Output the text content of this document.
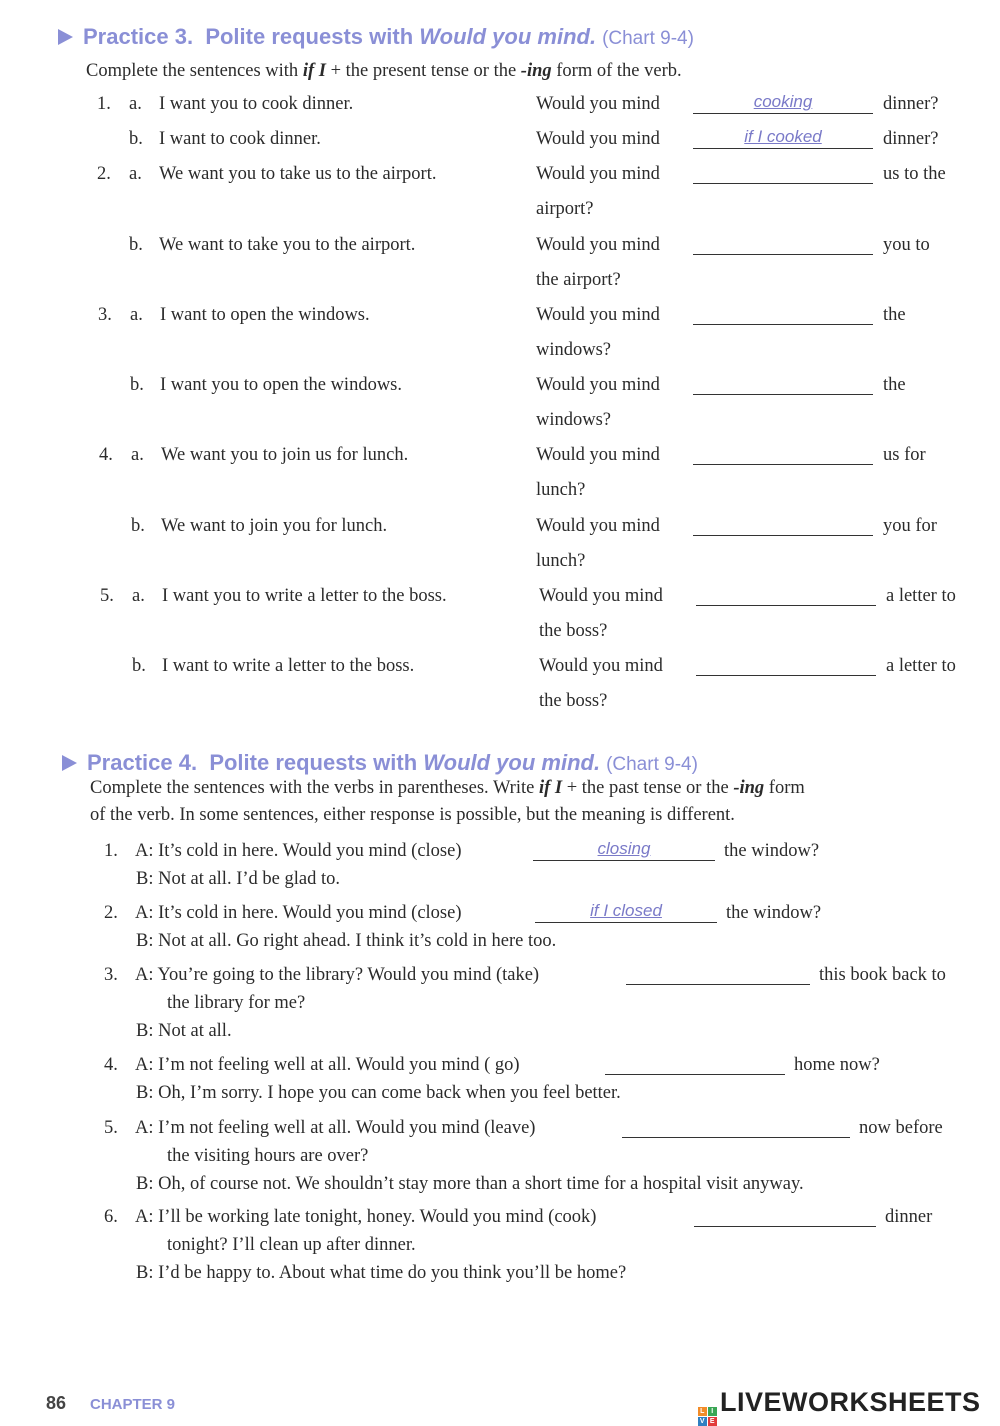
Practice 3. Polite requests with Would you mind. (Chart 9-4)
Complete the sentences with if I + the present tense or the -ing form of the verb.
1. a. I want you to cook dinner.	Would you mind	cooking	dinner?
b. I want to cook dinner.	Would you mind	if I cooked	dinner?
2. a. We want you to take us to the airport.	Would you mind	us to the
airport?
b. We want to take you to the airport.	Would you mind	you to
the airport?
3. a. I want to open the windows.	Would you mind	the
windows?
b. I want you to open the windows.	Would you mind	the
windows?
4. a. We want you to join us for lunch.	Would you mind	us for
lunch?
b. We want to join you for lunch.	Would you mind	you for
lunch?
5. a. I want you to write a letter to the boss.	Would you mind	a letter to
the boss?
b. I want to write a letter to the boss.	Would you mind	a letter to
the boss?
Practice 4. Polite requests with Would you mind. (Chart 9-4)
Complete the sentences with the verbs in parentheses. Write if I + the past tense or the -ing form
of the verb. In some sentences, either response is possible, but the meaning is different.
1. A: It’s cold in here. Would you mind (close)	closing	the window?
B: Not at all. I’d be glad to.
2. A: It’s cold in here. Would you mind (close)	if I closed	the window?
B: Not at all. Go right ahead. I think it’s cold in here too.
3. A: You’re going to the library? Would you mind (take)	this book back to
the library for me?
B: Not at all.
4. A: I’m not feeling well at all. Would you mind ( go)	home now?
B: Oh, I’m sorry. I hope you can come back when you feel better.
5. A: I’m not feeling well at all. Would you mind (leave)	now before
the visiting hours are over?
B: Oh, of course not. We shouldn’t stay more than a short time for a hospital visit anyway.
6. A: I’ll be working late tonight, honey. Would you mind (cook)	dinner
tonight? I’ll clean up after dinner.
B: I’d be happy to. About what time do you think you’ll be home?
86 CHAPTER 9	L I
V E
LIVEWORKSHEETS
